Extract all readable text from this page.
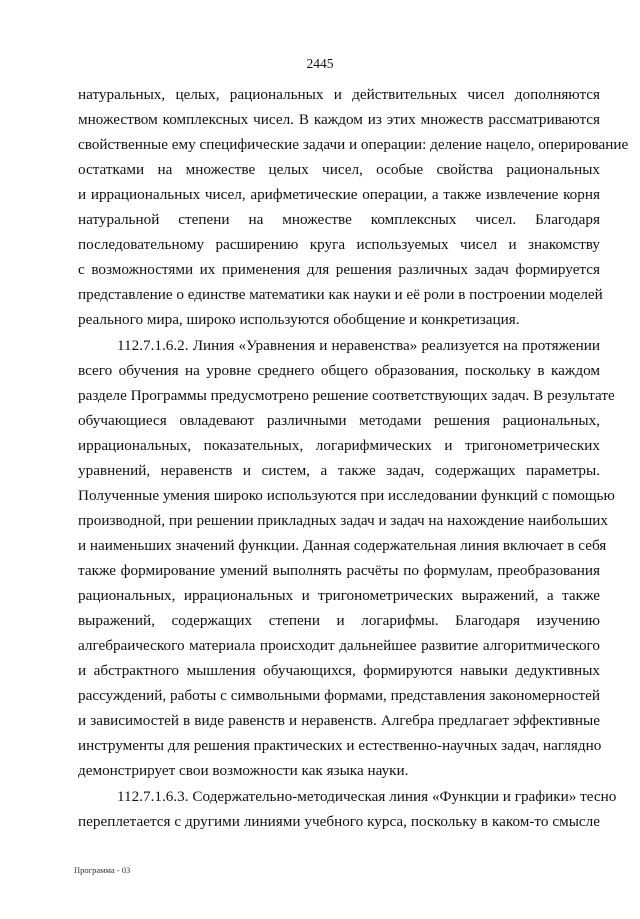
2445
натуральных, целых, рациональных и действительных чисел дополняются
множеством комплексных чисел. В каждом из этих множеств рассматриваются
свойственные ему специфические задачи и операции: деление нацело, оперирование
остатками на множестве целых чисел, особые свойства рациональных
и иррациональных чисел, арифметические операции, а также извлечение корня
натуральной степени на множестве комплексных чисел. Благодаря
последовательному расширению круга используемых чисел и знакомству
с возможностями их применения для решения различных задач формируется
представление о единстве математики как науки и её роли в построении моделей
реального мира, широко используются обобщение и конкретизация.
112.7.1.6.2. Линия «Уравнения и неравенства» реализуется на протяжении
всего обучения на уровне среднего общего образования, поскольку в каждом
разделе Программы предусмотрено решение соответствующих задач. В результате
обучающиеся овладевают различными методами решения рациональных,
иррациональных, показательных, логарифмических и тригонометрических
уравнений, неравенств и систем, а также задач, содержащих параметры.
Полученные умения широко используются при исследовании функций с помощью
производной, при решении прикладных задач и задач на нахождение наибольших
и наименьших значений функции. Данная содержательная линия включает в себя
также формирование умений выполнять расчёты по формулам, преобразования
рациональных, иррациональных и тригонометрических выражений, а также
выражений, содержащих степени и логарифмы. Благодаря изучению
алгебраического материала происходит дальнейшее развитие алгоритмического
и абстрактного мышления обучающихся, формируются навыки дедуктивных
рассуждений, работы с символьными формами, представления закономерностей
и зависимостей в виде равенств и неравенств. Алгебра предлагает эффективные
инструменты для решения практических и естественно-научных задач, наглядно
демонстрирует свои возможности как языка науки.
112.7.1.6.3. Содержательно-методическая линия «Функции и графики» тесно
переплетается с другими линиями учебного курса, поскольку в каком-то смысле
Программа - 03
